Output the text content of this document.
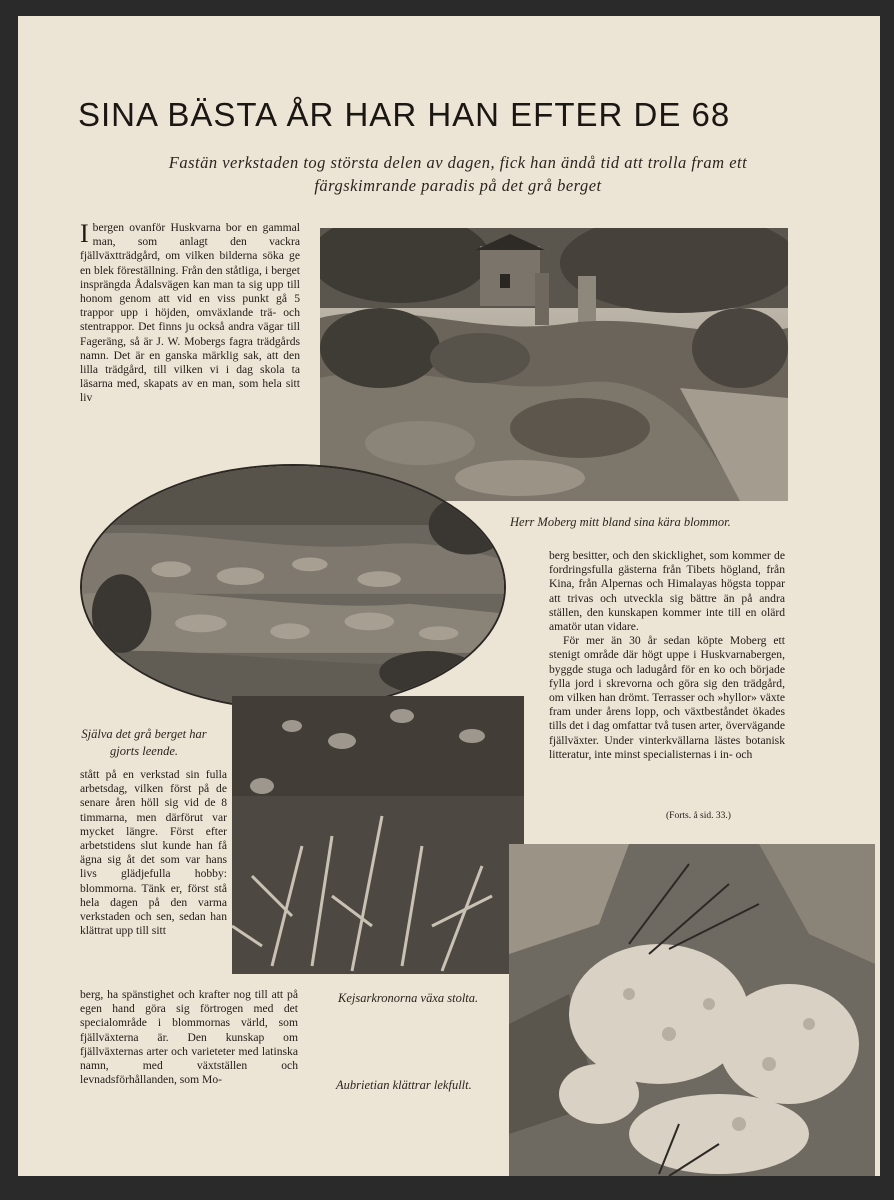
SINA BÄSTA ÅR HAR HAN EFTER DE 68

Fastän verkstaden tog största delen av dagen, fick han ändå tid att trolla fram ett färgskimrande paradis på det grå berget

Ibergen ovanför Huskvarna bor en gammal man, som anlagt den vackra fjällväxtträdgård, om vilken bilderna söka ge en blek föreställning. Från den ståtliga, i berget insprängda Ådalsvägen kan man ta sig upp till honom genom att vid en viss punkt gå 5 trappor upp i höjden, omväxlande trä- och stentrappor. Det finns ju också andra vägar till Fageräng, så är J. W. Mobergs fagra trädgårds namn. Det är en ganska märklig sak, att den lilla trädgård, till vilken vi i dag skola ta läsarna med, skapats av en man, som hela sitt liv

stått på en verkstad sin fulla arbetsdag, vilken först på de senare åren höll sig vid de 8 timmarna, men därförut var mycket längre. Först efter arbetstidens slut kunde han få ägna sig åt det som var hans livs glädjefulla hobby: blommorna. Tänk er, först stå hela dagen på den varma verkstaden och sen, sedan han klättrat upp till sitt

berg, ha spänstighet och krafter nog till att på egen hand göra sig förtrogen med det specialområde i blommornas värld, som fjällväxterna är. Den kunskap om fjällväxternas arter och varieteter med latinska namn, med växtställen och levnadsförhållanden, som Mo-

berg besitter, och den skicklighet, som kommer de fordringsfulla gästerna från Tibets högland, från Kina, från Alpernas och Himalayas högsta toppar att trivas och utveckla sig bättre än på andra ställen, den kunskapen kommer inte till en olärd amatör utan vidare.

För mer än 30 år sedan köpte Moberg ett stenigt område där högt uppe i Huskvarnabergen, byggde stuga och ladugård för en ko och började fylla jord i skrevorna och göra sig den trädgård, om vilken han drömt. Terrasser och »hyllor» växte fram under årens lopp, och växtbeståndet ökades tills det i dag omfattar två tusen arter, övervägande fjällväxter. Under vinterkvällarna lästes botanisk litteratur, inte minst specialisternas i in- och

(Forts. å sid. 33.)
Herr Moberg mitt bland sina kära blommor.
Själva det grå berget har gjorts leende.
Kejsarkronorna växa stolta.
Aubrietian klättrar lekfullt.
